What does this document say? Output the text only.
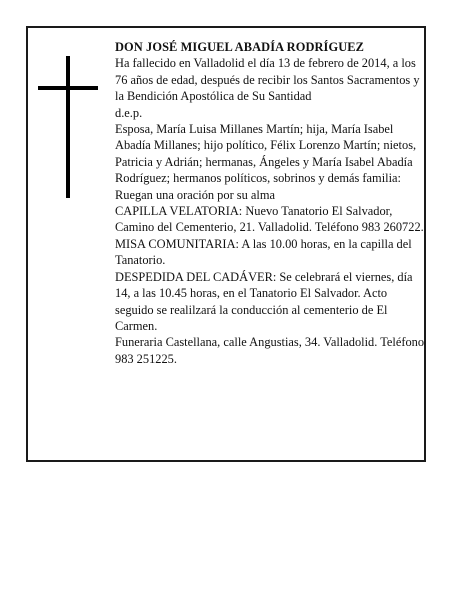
DON JOSÉ MIGUEL ABADÍA RODRÍGUEZ

Ha fallecido en Valladolid el día 13 de febrero de 2014, a los 76 años de edad, después de recibir los Santos Sacramentos y la Bendición Apostólica de Su Santidad

d.e.p.

Esposa, María Luisa Millanes Martín; hija, María Isabel Abadía Millanes; hijo político, Félix Lorenzo Martín; nietos, Patricia y Adrián; hermanas, Ángeles y María Isabel Abadía Rodríguez; hermanos políticos, sobrinos y demás familia:

Ruegan una oración por su alma

CAPILLA VELATORIA: Nuevo Tanatorio El Salvador, Camino del Cementerio, 21. Valladolid. Teléfono 983 260722.

MISA COMUNITARIA: A las 10.00 horas, en la capilla del Tanatorio.

DESPEDIDA DEL CADÁVER: Se celebrará el viernes, día 14, a las 10.45 horas, en el Tanatorio El Salvador. Acto seguido se realilzará la conducción al cementerio de El Carmen.

Funeraria Castellana, calle Angustias, 34. Valladolid. Teléfono 983 251225.
